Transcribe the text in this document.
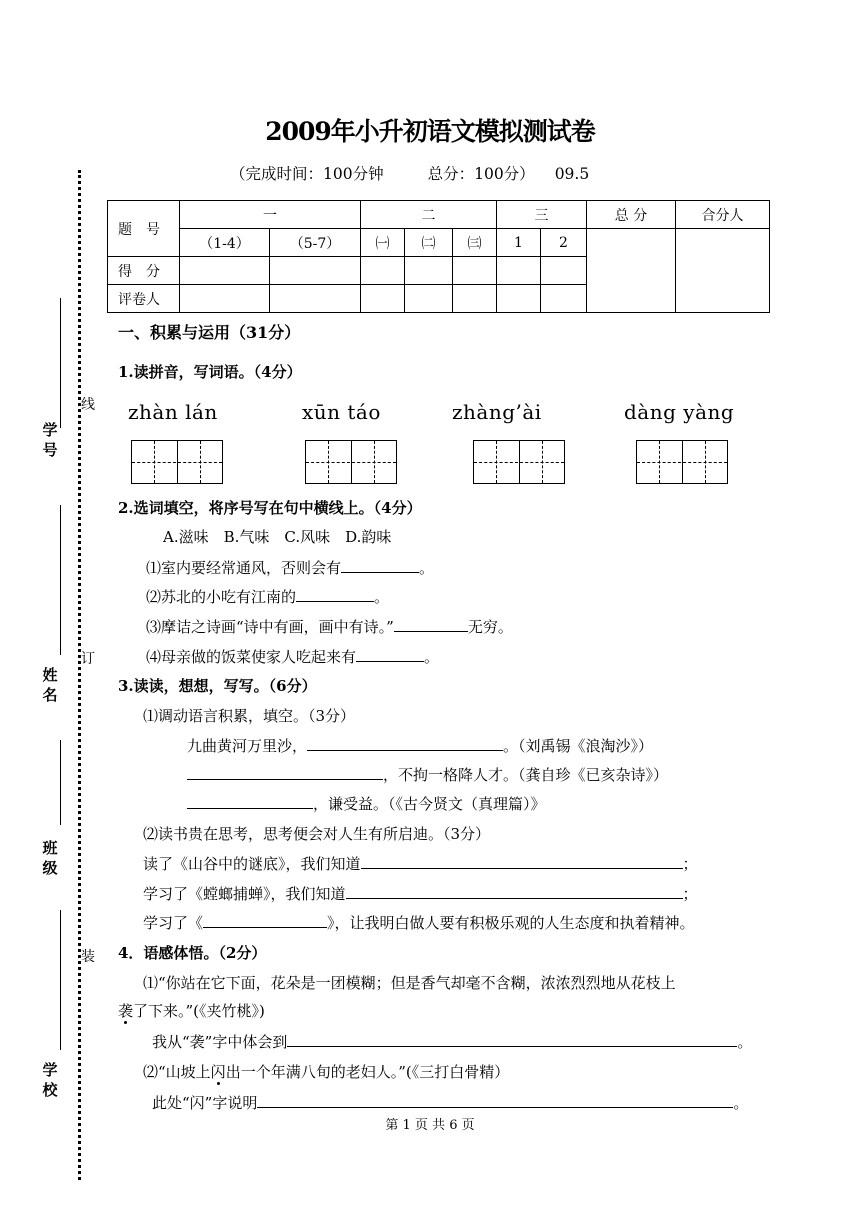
学号
姓名
班级
学校
线
订
装
2009年小升初语文模拟测试卷
（完成时间：100分钟	总分：100分） 09.5
题　号	一		二			三		总 分	合分人
	（1-4）	（5-7）	㈠	㈡	㈢	1	2		
得　分									
评卷人									
一、积累与运用（31分）
1.读拼音，写词语。（4分）
zhàn lán	xūn táo	zhàng’ài	dàng yàng
2.选词填空，将序号写在句中横线上。（4分）
A.滋味　B.气味　C.风味　D.韵味
⑴室内要经常通风，否则会有	。
⑵苏北的小吃有江南的	。
⑶摩诘之诗画“诗中有画，画中有诗。”	无穷。
⑷母亲做的饭菜使家人吃起来有	。
3.读读，想想，写写。（6分）
⑴调动语言积累，填空。（3分）
九曲黄河万里沙，	。（刘禹锡《浪淘沙》）
，不拘一格降人才。（龚自珍《已亥杂诗》）
，谦受益。（《古今贤文（真理篇）》
⑵读书贵在思考，思考便会对人生有所启迪。（3分）
读了《山谷中的谜底》，我们知道	；
学习了《螳螂捕蝉》，我们知道	；
学习了《	》，让我明白做人要有积极乐观的人生态度和执着精神。
4．语感体悟。（2分）
⑴“你站在它下面，花朵是一团模糊；但是香气却毫不含糊，浓浓烈烈地从花枝上
袭了下来。”(《夹竹桃》)
我从“袭”字中体会到	。
⑵“山坡上闪出一个年满八旬的老妇人。”(《三打白骨精）
此处“闪”字说明	。
第 1 页 共 6 页
